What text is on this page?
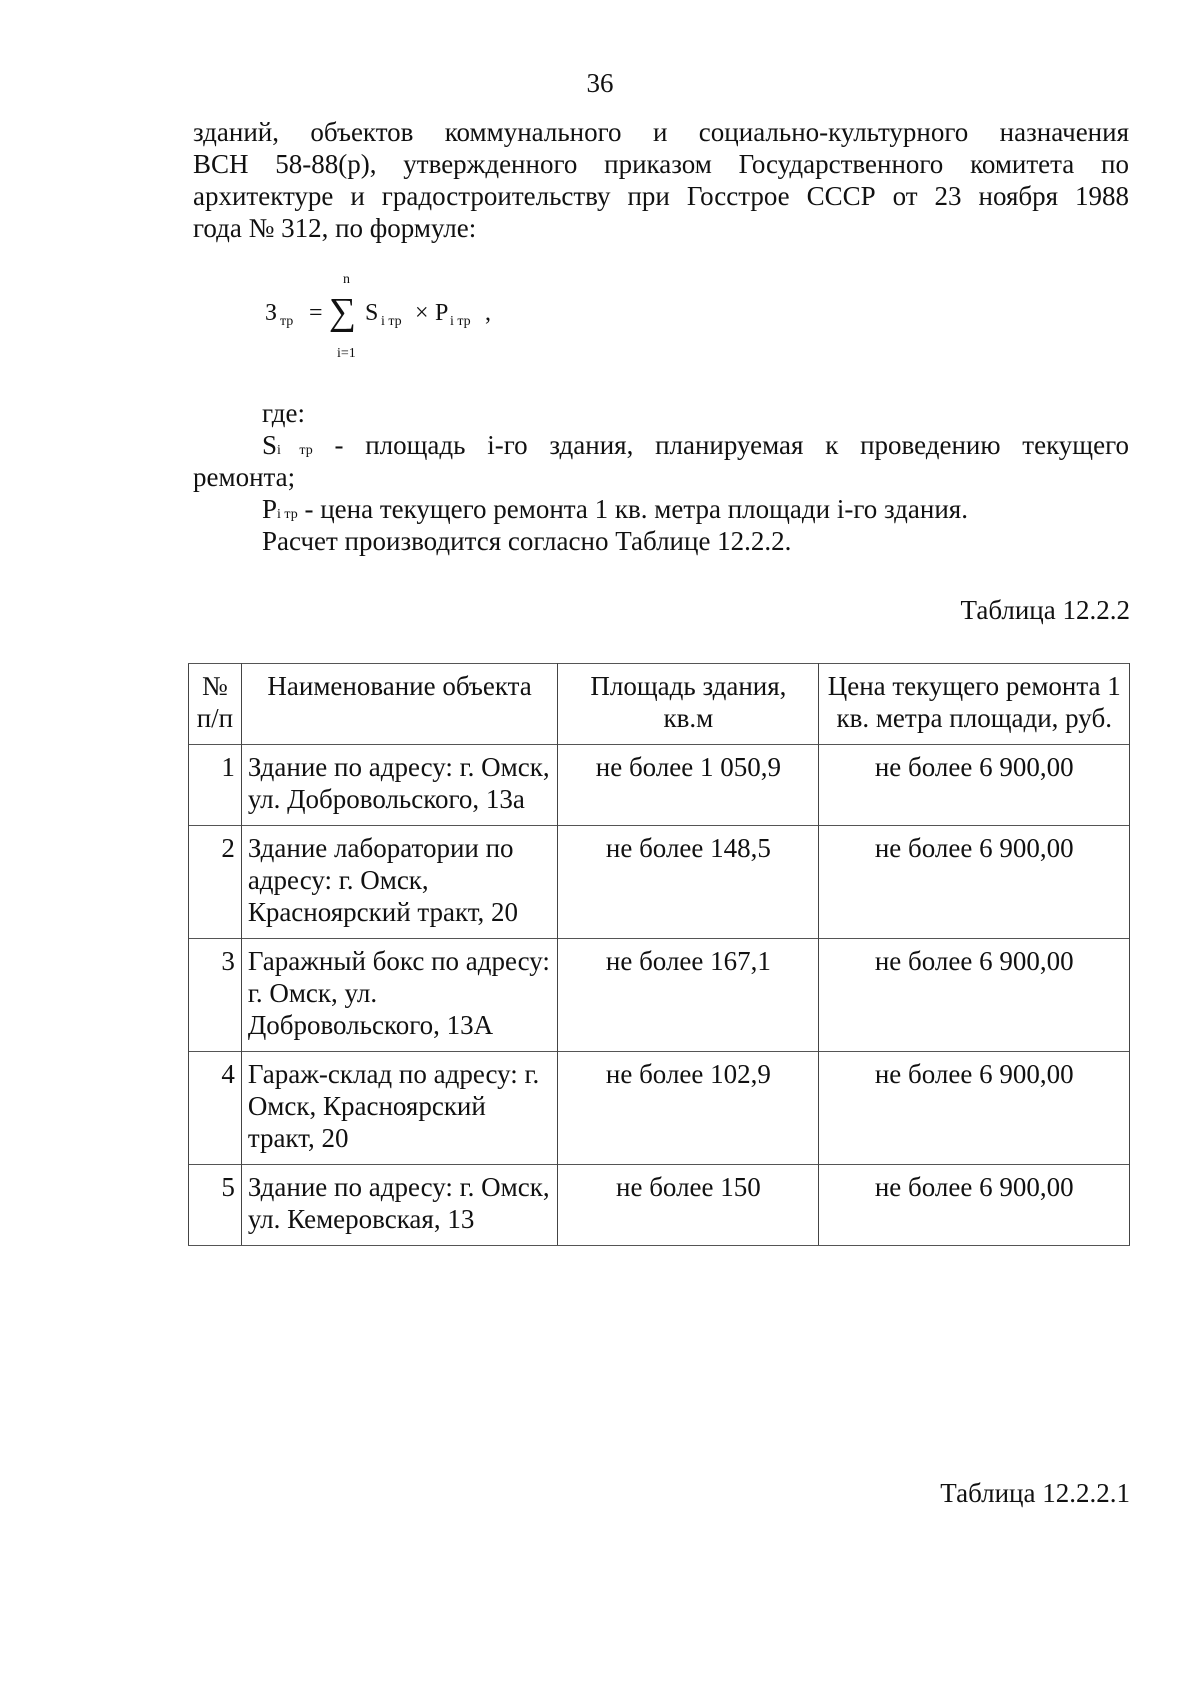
36
зданий, объектов коммунального и социально-культурного назначения
ВСН 58-88(р), утвержденного приказом Государственного комитета по
архитектуре и градостроительству при Госстрое СССР от 23 ноября 1988
года № 312, по формуле:
З тр = ∑
n
i=1
S i тр × P i тр ,
где:
Si тр - площадь i-го здания, планируемая к проведению текущего
ремонта;
Pi тр - цена текущего ремонта 1 кв. метра площади i-го здания.
Расчет производится согласно Таблице 12.2.2.
Таблица 12.2.2
№ п/п	Наименование объекта	Площадь здания, кв.м	Цена текущего ремонта 1 кв. метра площади, руб.
1	Здание по адресу: г. Омск, ул. Добровольского, 13а	не более 1 050,9	не более 6 900,00
2	Здание лаборатории по адресу: г. Омск, Красноярский тракт, 20	не более 148,5	не более 6 900,00
3	Гаражный бокс по адресу: г. Омск, ул. Добровольского, 13А	не более 167,1	не более 6 900,00
4	Гараж-склад по адресу: г. Омск, Красноярский тракт, 20	не более 102,9	не более 6 900,00
5	Здание по адресу: г. Омск, ул. Кемеровская, 13	не более 150	не более 6 900,00
Таблица 12.2.2.1
